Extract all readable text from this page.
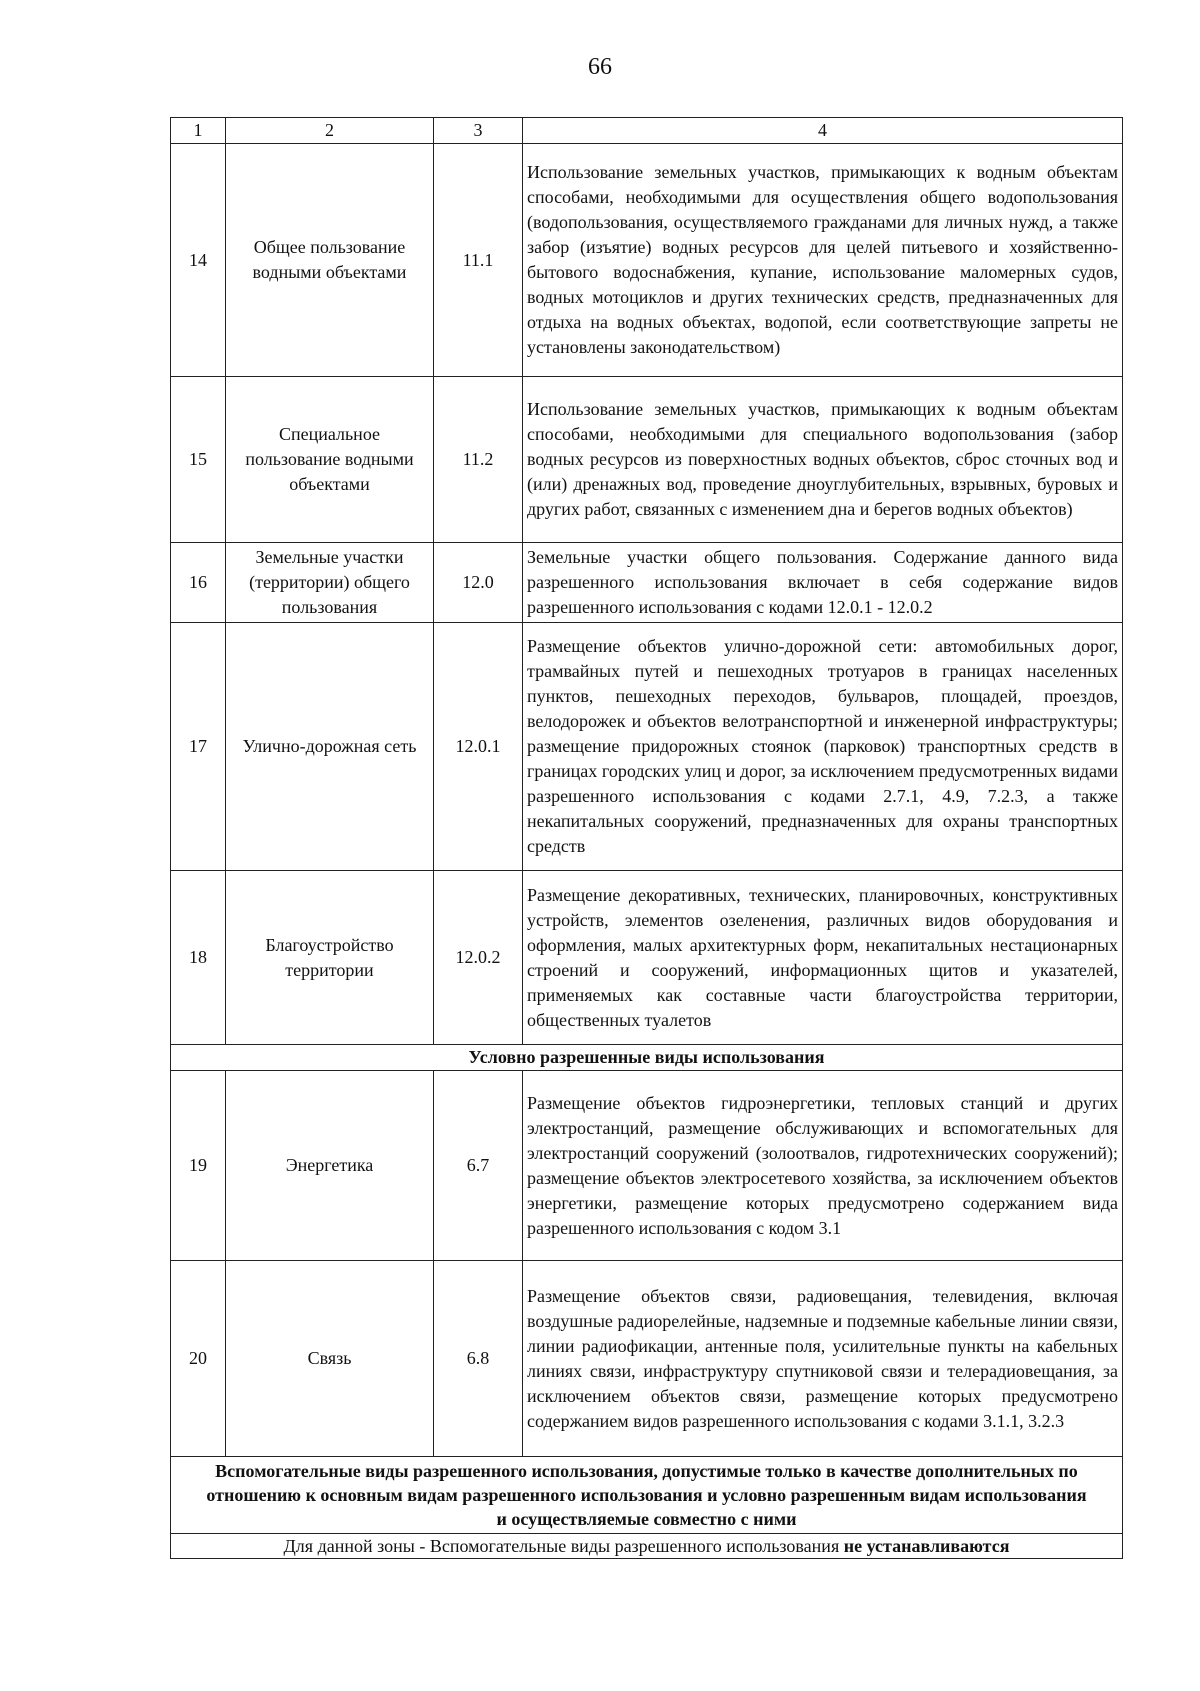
66
1	2	3	4
14	Общее пользование водными объектами	11.1	Использование земельных участков, примыкающих к водным объектам способами, необходимыми для осуществления общего водопользования (водопользования, осуществляемого гражданами для личных нужд, а также забор (изъятие) водных ресурсов для целей питьевого и хозяйственно-бытового водоснабжения, купание, использование маломерных судов, водных мотоциклов и других технических средств, предназначенных для отдыха на водных объектах, водопой, если соответствующие запреты не установлены законодательством)
15	Специальное пользование водными объектами	11.2	Использование земельных участков, примыкающих к водным объектам способами, необходимыми для специального водопользования (забор водных ресурсов из поверхностных водных объектов, сброс сточных вод и (или) дренажных вод, проведение дноуглубительных, взрывных, буровых и других работ, связанных с изменением дна и берегов водных объектов)
16	Земельные участки (территории) общего пользования	12.0	Земельные участки общего пользования. Содержание данного вида разрешенного использования включает в себя содержание видов разрешенного использования с кодами 12.0.1 - 12.0.2
17	Улично-дорожная сеть	12.0.1	Размещение объектов улично-дорожной сети: автомобильных дорог, трамвайных путей и пешеходных тротуаров в границах населенных пунктов, пешеходных переходов, бульваров, площадей, проездов, велодорожек и объектов велотранспортной и инженерной инфраструктуры; размещение придорожных стоянок (парковок) транспортных средств в границах городских улиц и дорог, за исключением предусмотренных видами разрешенного использования с кодами 2.7.1, 4.9, 7.2.3, а также некапитальных сооружений, предназначенных для охраны транспортных средств
18	Благоустройство территории	12.0.2	Размещение декоративных, технических, планировочных, конструктивных устройств, элементов озеленения, различных видов оборудования и оформления, малых архитектурных форм, некапитальных нестационарных строений и сооружений, информационных щитов и указателей, применяемых как составные части благоустройства территории, общественных туалетов
Условно разрешенные виды использования			
19	Энергетика	6.7	Размещение объектов гидроэнергетики, тепловых станций и других электростанций, размещение обслуживающих и вспомогательных для электростанций сооружений (золоотвалов, гидротехнических сооружений); размещение объектов электросетевого хозяйства, за исключением объектов энергетики, размещение которых предусмотрено содержанием вида разрешенного использования с кодом 3.1
20	Связь	6.8	Размещение объектов связи, радиовещания, телевидения, включая воздушные радиорелейные, надземные и подземные кабельные линии связи, линии радиофикации, антенные поля, усилительные пункты на кабельных линиях связи, инфраструктуру спутниковой связи и телерадиовещания, за исключением объектов связи, размещение которых предусмотрено содержанием видов разрешенного использования с кодами 3.1.1, 3.2.3
Вспомогательные виды разрешенного использования, допустимые только в качестве дополнительных по отношению к основным видам разрешенного использования и условно разрешенным видам использования и осуществляемые совместно с ними			
Для данной зоны - Вспомогательные виды разрешенного использования не устанавливаются			
